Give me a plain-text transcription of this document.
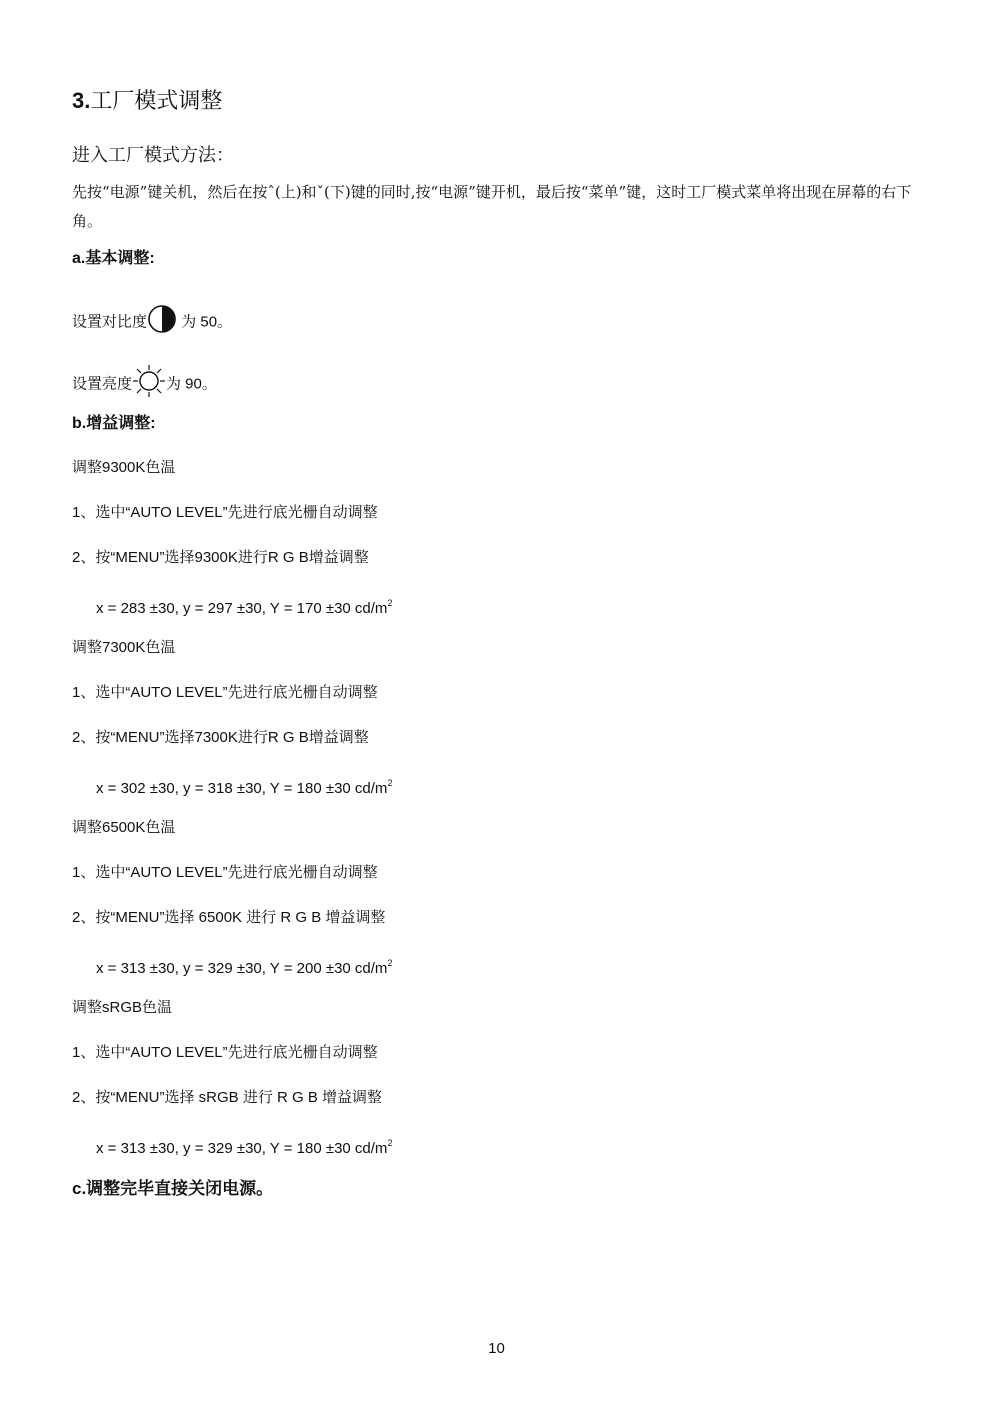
3.工厂模式调整
进入工厂模式方法：
先按“电源”键关机，然后在按ˆ(上)和ˇ(下)键的同时,按“电源”键开机，最后按“菜单”键，这时工厂模式菜单将出现在屏幕的右下角。
a.基本调整:
设置对比度 为 50。
设置亮度 为 90。
b.增益调整:
调整9300K色温
1、选中“AUTO LEVEL”先进行底光栅自动调整
2、按“MENU”选择9300K进行R G B增益调整
x = 283 ±30, y = 297 ±30, Y = 170 ±30 $cd/m^2$
调整7300K色温
1、选中“AUTO LEVEL”先进行底光栅自动调整
2、按“MENU”选择7300K进行R G B增益调整
x = 302 ±30, y = 318 ±30, Y = 180 ±30 $cd/m^2$
调整6500K色温
1、选中“AUTO LEVEL”先进行底光栅自动调整
2、按“MENU”选择 6500K 进行 R G B 增益调整
x = 313 ±30, y = 329 ±30, Y = 200 ±30 $cd/m^2$
调整sRGB色温
1、选中“AUTO LEVEL”先进行底光栅自动调整
2、按“MENU”选择 sRGB 进行 R G B 增益调整
x = 313 ±30, y = 329 ±30, Y = 180 ±30 $cd/m^2$
c.调整完毕直接关闭电源。
10
